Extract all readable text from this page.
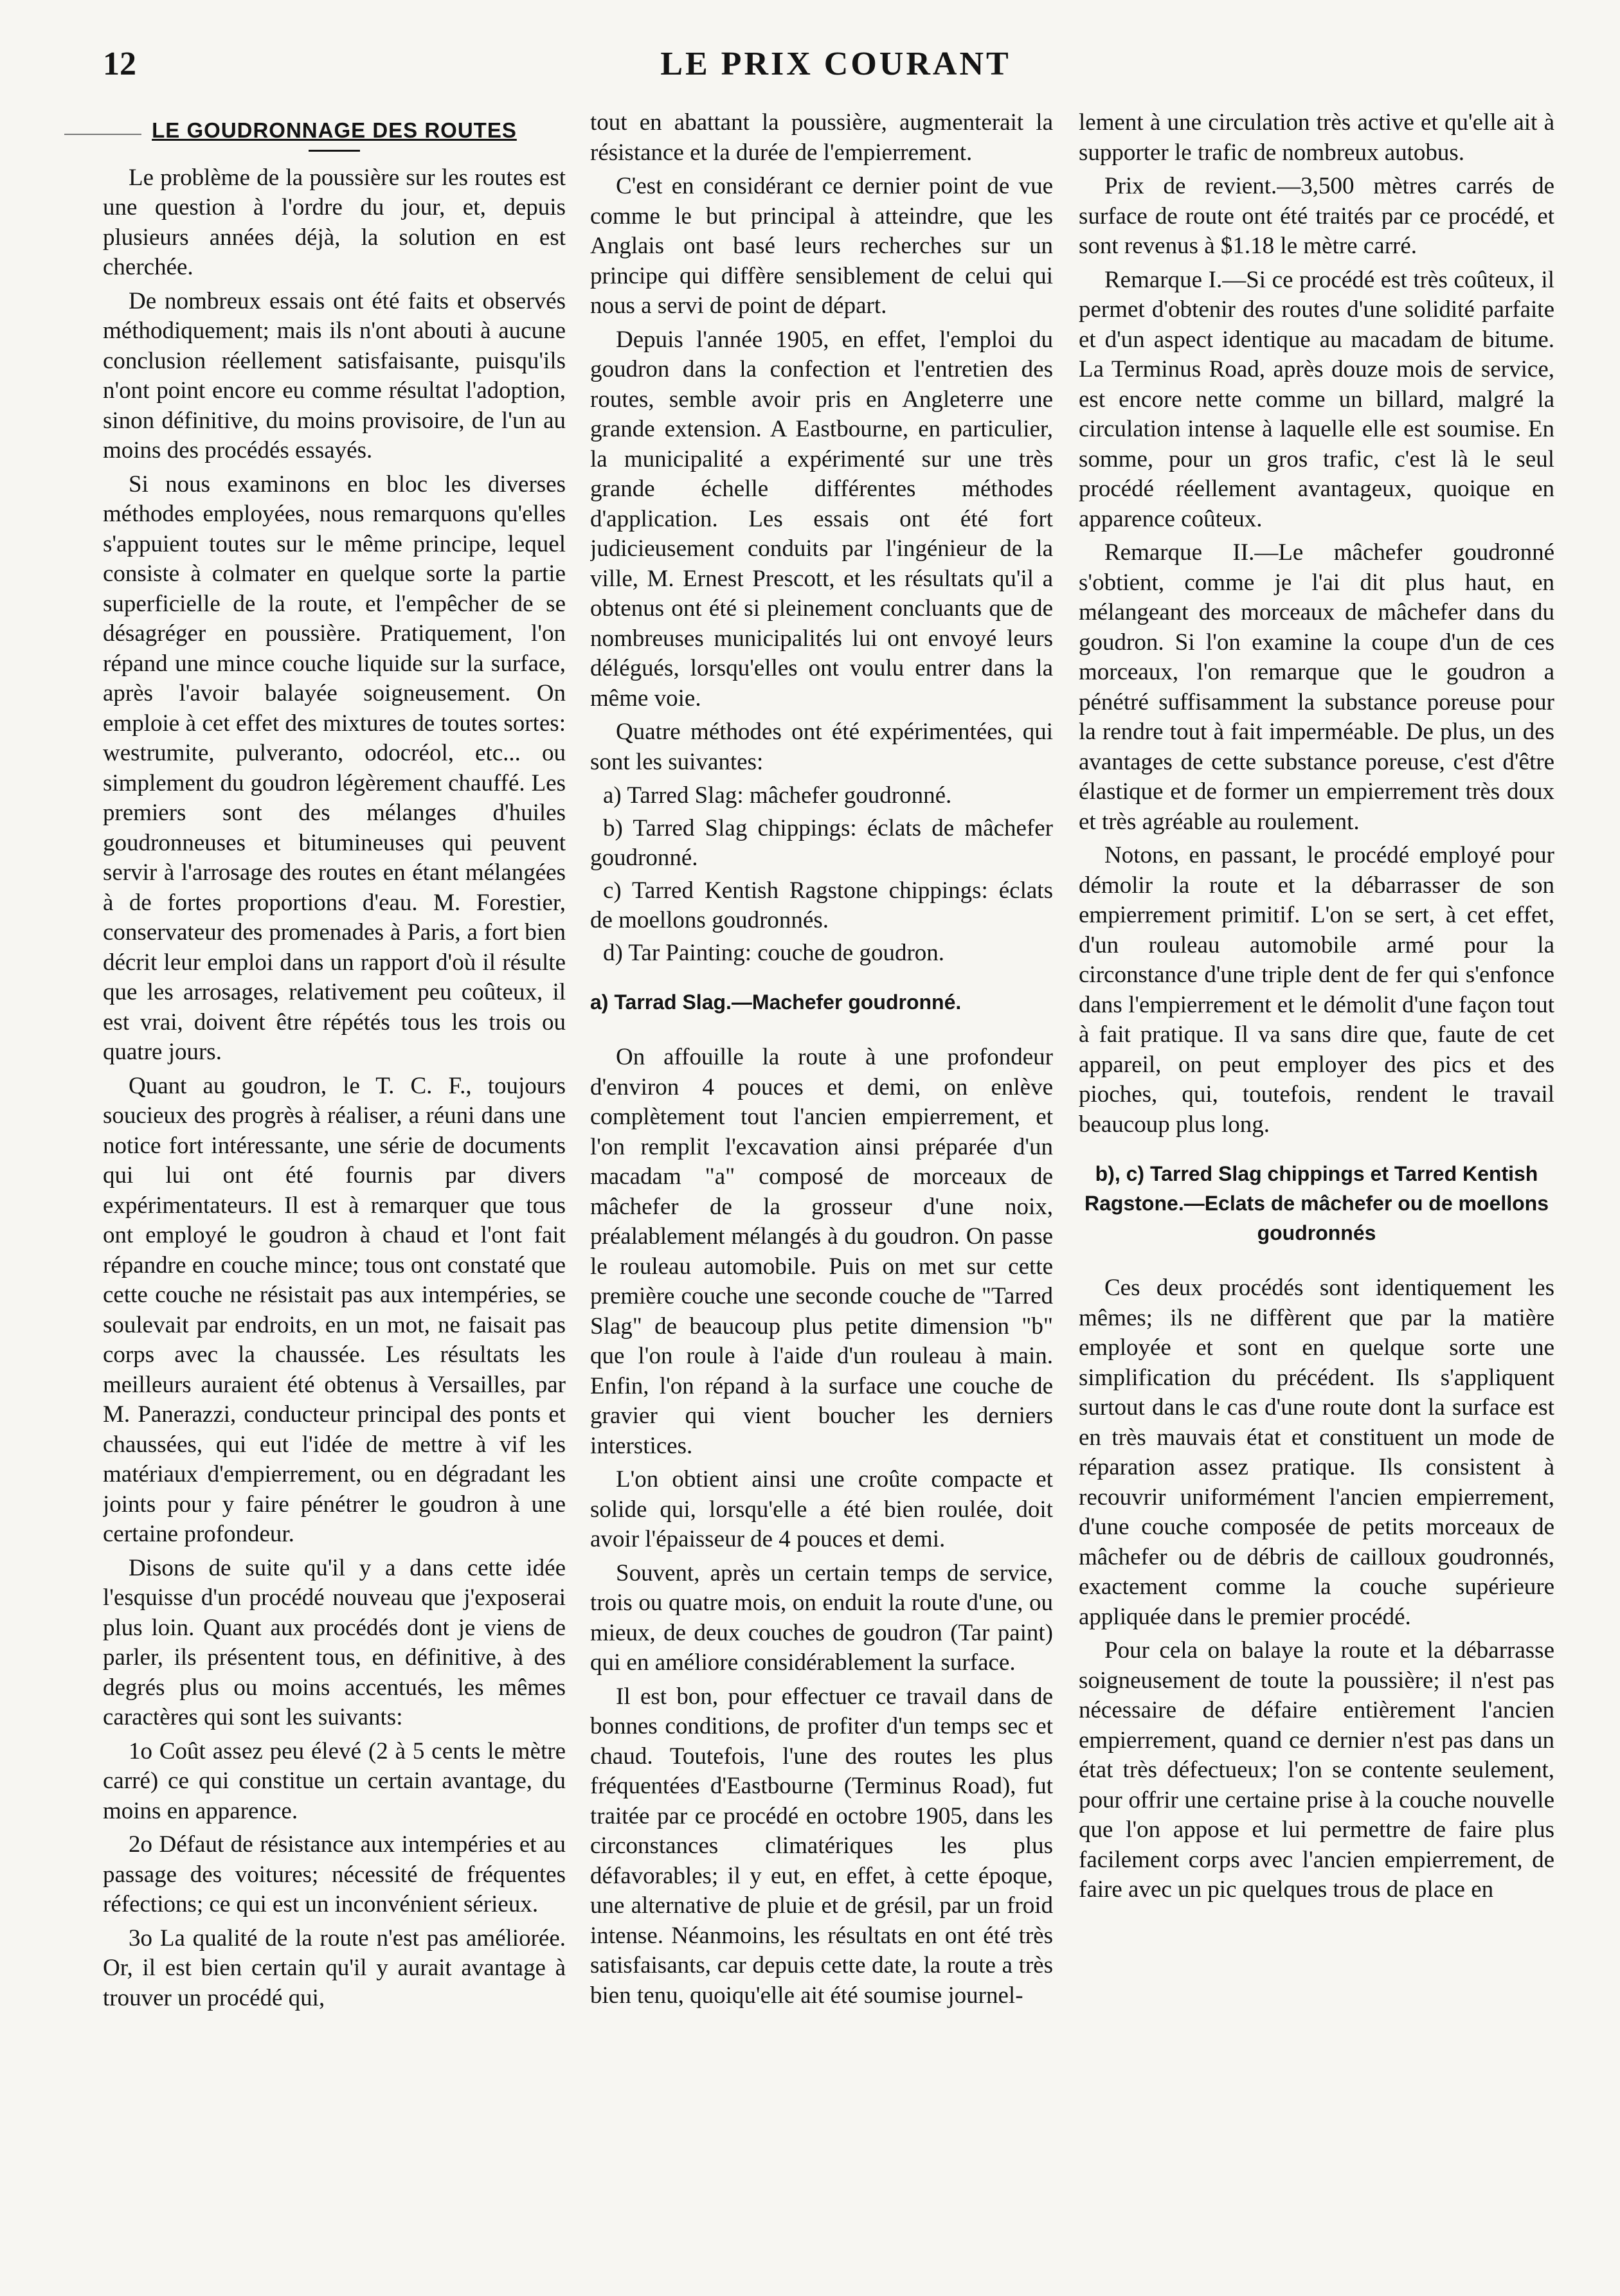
12	LE PRIX COURANT
LE GOUDRONNAGE DES ROUTES

Le problème de la poussière sur les routes est une question à l'ordre du jour, et, depuis plusieurs années déjà, la solution en est cherchée.

De nombreux essais ont été faits et observés méthodiquement; mais ils n'ont abouti à aucune conclusion réellement satisfaisante, puisqu'ils n'ont point encore eu comme résultat l'adoption, sinon définitive, du moins provisoire, de l'un au moins des procédés essayés.

Si nous examinons en bloc les diverses méthodes employées, nous remarquons qu'elles s'appuient toutes sur le même principe, lequel consiste à colmater en quelque sorte la partie superficielle de la route, et l'empêcher de se désagréger en poussière. Pratiquement, l'on répand une mince couche liquide sur la surface, après l'avoir balayée soigneusement. On emploie à cet effet des mixtures de toutes sortes: westrumite, pulveranto, odocréol, etc... ou simplement du goudron légèrement chauffé. Les premiers sont des mélanges d'huiles goudronneuses et bitumineuses qui peuvent servir à l'arrosage des routes en étant mélangées à de fortes proportions d'eau. M. Forestier, conservateur des promenades à Paris, a fort bien décrit leur emploi dans un rapport d'où il résulte que les arrosages, relativement peu coûteux, il est vrai, doivent être répétés tous les trois ou quatre jours.

Quant au goudron, le T. C. F., toujours soucieux des progrès à réaliser, a réuni dans une notice fort intéressante, une série de documents qui lui ont été fournis par divers expérimentateurs. Il est à remarquer que tous ont employé le goudron à chaud et l'ont fait répandre en couche mince; tous ont constaté que cette couche ne résistait pas aux intempéries, se soulevait par endroits, en un mot, ne faisait pas corps avec la chaussée. Les résultats les meilleurs auraient été obtenus à Versailles, par M. Panerazzi, conducteur principal des ponts et chaussées, qui eut l'idée de mettre à vif les matériaux d'empierrement, ou en dégradant les joints pour y faire pénétrer le goudron à une certaine profondeur.

Disons de suite qu'il y a dans cette idée l'esquisse d'un procédé nouveau que j'exposerai plus loin. Quant aux procédés dont je viens de parler, ils présentent tous, en définitive, à des degrés plus ou moins accentués, les mêmes caractères qui sont les suivants:

1o Coût assez peu élevé (2 à 5 cents le mètre carré) ce qui constitue un certain avantage, du moins en apparence.

2o Défaut de résistance aux intempéries et au passage des voitures; nécessité de fréquentes réfections; ce qui est un inconvénient sérieux.

3o La qualité de la route n'est pas améliorée. Or, il est bien certain qu'il y aurait avantage à trouver un procédé qui,

tout en abattant la poussière, augmenterait la résistance et la durée de l'empierrement.

C'est en considérant ce dernier point de vue comme le but principal à atteindre, que les Anglais ont basé leurs recherches sur un principe qui diffère sensiblement de celui qui nous a servi de point de départ.

Depuis l'année 1905, en effet, l'emploi du goudron dans la confection et l'entretien des routes, semble avoir pris en Angleterre une grande extension. A Eastbourne, en particulier, la municipalité a expérimenté sur une très grande échelle différentes méthodes d'application. Les essais ont été fort judicieusement conduits par l'ingénieur de la ville, M. Ernest Prescott, et les résultats qu'il a obtenus ont été si pleinement concluants que de nombreuses municipalités lui ont envoyé leurs délégués, lorsqu'elles ont voulu entrer dans la même voie.

Quatre méthodes ont été expérimentées, qui sont les suivantes:

a) Tarred Slag: mâchefer goudronné.

b) Tarred Slag chippings: éclats de mâchefer goudronné.

c) Tarred Kentish Ragstone chippings: éclats de moellons goudronnés.

d) Tar Painting: couche de goudron.

a) Tarrad Slag.—Machefer goudronné.

On affouille la route à une profondeur d'environ 4 pouces et demi, on enlève complètement tout l'ancien empierrement, et l'on remplit l'excavation ainsi préparée d'un macadam "a" composé de morceaux de mâchefer de la grosseur d'une noix, préalablement mélangés à du goudron. On passe le rouleau automobile. Puis on met sur cette première couche une seconde couche de "Tarred Slag" de beaucoup plus petite dimension "b" que l'on roule à l'aide d'un rouleau à main. Enfin, l'on répand à la surface une couche de gravier qui vient boucher les derniers interstices.

L'on obtient ainsi une croûte compacte et solide qui, lorsqu'elle a été bien roulée, doit avoir l'épaisseur de 4 pouces et demi.

Souvent, après un certain temps de service, trois ou quatre mois, on enduit la route d'une, ou mieux, de deux couches de goudron (Tar paint) qui en améliore considérablement la surface.

Il est bon, pour effectuer ce travail dans de bonnes conditions, de profiter d'un temps sec et chaud. Toutefois, l'une des routes les plus fréquentées d'Eastbourne (Terminus Road), fut traitée par ce procédé en octobre 1905, dans les circonstances climatériques les plus défavorables; il y eut, en effet, à cette époque, une alternative de pluie et de grésil, par un froid intense. Néanmoins, les résultats en ont été très satisfaisants, car depuis cette date, la route a très bien tenu, quoiqu'elle ait été soumise journel-

lement à une circulation très active et qu'elle ait à supporter le trafic de nombreux autobus.

Prix de revient.—3,500 mètres carrés de surface de route ont été traités par ce procédé, et sont revenus à $1.18 le mètre carré.

Remarque I.—Si ce procédé est très coûteux, il permet d'obtenir des routes d'une solidité parfaite et d'un aspect identique au macadam de bitume. La Terminus Road, après douze mois de service, est encore nette comme un billard, malgré la circulation intense à laquelle elle est soumise. En somme, pour un gros trafic, c'est là le seul procédé réellement avantageux, quoique en apparence coûteux.

Remarque II.—Le mâchefer goudronné s'obtient, comme je l'ai dit plus haut, en mélangeant des morceaux de mâchefer dans du goudron. Si l'on examine la coupe d'un de ces morceaux, l'on remarque que le goudron a pénétré suffisamment la substance poreuse pour la rendre tout à fait imperméable. De plus, un des avantages de cette substance poreuse, c'est d'être élastique et de former un empierrement très doux et très agréable au roulement.

Notons, en passant, le procédé employé pour démolir la route et la débarrasser de son empierrement primitif. L'on se sert, à cet effet, d'un rouleau automobile armé pour la circonstance d'une triple dent de fer qui s'enfonce dans l'empierrement et le démolit d'une façon tout à fait pratique. Il va sans dire que, faute de cet appareil, on peut employer des pics et des pioches, qui, toutefois, rendent le travail beaucoup plus long.

b), c) Tarred Slag chippings et Tarred Kentish Ragstone.—Eclats de mâchefer ou de moellons goudronnés

Ces deux procédés sont identiquement les mêmes; ils ne diffèrent que par la matière employée et sont en quelque sorte une simplification du précédent. Ils s'appliquent surtout dans le cas d'une route dont la surface est en très mauvais état et constituent un mode de réparation assez pratique. Ils consistent à recouvrir uniformément l'ancien empierrement, d'une couche composée de petits morceaux de mâchefer ou de débris de cailloux goudronnés, exactement comme la couche supérieure appliquée dans le premier procédé.

Pour cela on balaye la route et la débarrasse soigneusement de toute la poussière; il n'est pas nécessaire de défaire entièrement l'ancien empierrement, quand ce dernier n'est pas dans un état très défectueux; l'on se contente seulement, pour offrir une certaine prise à la couche nouvelle que l'on appose et lui permettre de faire plus facilement corps avec l'ancien empierrement, de faire avec un pic quelques trous de place en
